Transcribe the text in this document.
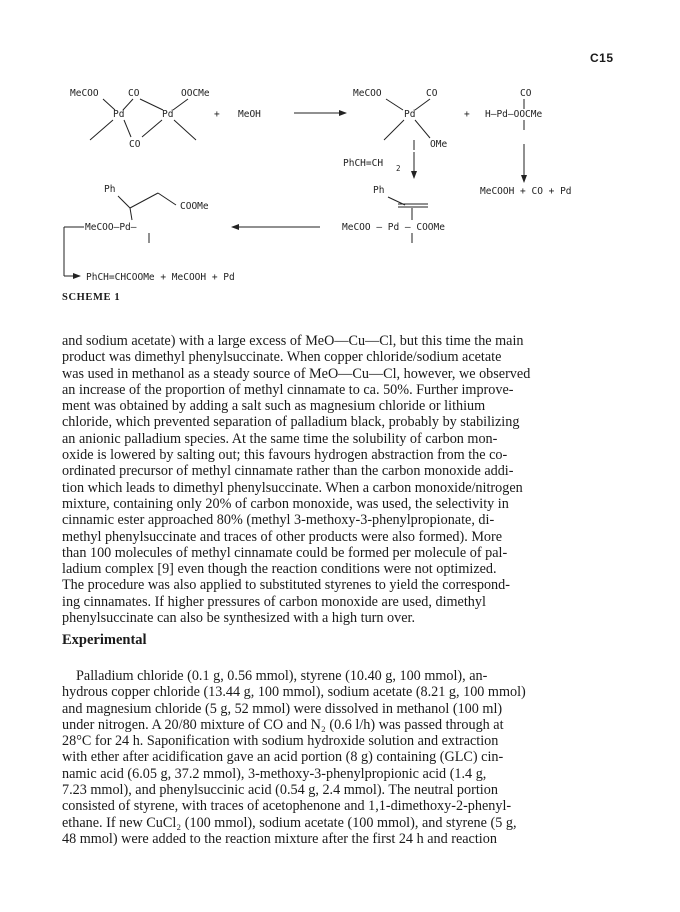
C15
MeCOO	CO	OOCMe
Pd	Pd
CO
+ MeOH
MeCOO	CO
Pd
OMe
+
CO
H—Pd—OOCMe
MeCOOH + CO + Pd
PhCH=CH 2
Ph
MeCOO — Pd — COOMe
Ph
COOMe
MeCOO—Pd—
PhCH=CHCOOMe + MeCOOH + Pd
SCHEME 1
and sodium acetate) with a large excess of MeO—Cu—Cl, but this time the main
product was dimethyl phenylsuccinate. When copper chloride/sodium acetate
was used in methanol as a steady source of MeO—Cu—Cl, however, we observed
an increase of the proportion of methyl cinnamate to ca. 50%. Further improve-
ment was obtained by adding a salt such as magnesium chloride or lithium
chloride, which prevented separation of palladium black, probably by stabilizing
an anionic palladium species. At the same time the solubility of carbon mon-
oxide is lowered by salting out; this favours hydrogen abstraction from the co-
ordinated precursor of methyl cinnamate rather than the carbon monoxide addi-
tion which leads to dimethyl phenylsuccinate. When a carbon monoxide/nitrogen
mixture, containing only 20% of carbon monoxide, was used, the selectivity in
cinnamic ester approached 80% (methyl 3-methoxy-3-phenylpropionate, di-
methyl phenylsuccinate and traces of other products were also formed). More
than 100 molecules of methyl cinnamate could be formed per molecule of pal-
ladium complex [9] even though the reaction conditions were not optimized.
The procedure was also applied to substituted styrenes to yield the correspond-
ing cinnamates. If higher pressures of carbon monoxide are used, dimethyl
phenylsuccinate can also be synthesized with a high turn over.
Experimental
Palladium chloride (0.1 g, 0.56 mmol), styrene (10.40 g, 100 mmol), an-
hydrous copper chloride (13.44 g, 100 mmol), sodium acetate (8.21 g, 100 mmol)
and magnesium chloride (5 g, 52 mmol) were dissolved in methanol (100 ml)
under nitrogen. A 20/80 mixture of CO and N₂ (0.6 l/h) was passed through at
28°C for 24 h. Saponification with sodium hydroxide solution and extraction
with ether after acidification gave an acid portion (8 g) containing (GLC) cin-
namic acid (6.05 g, 37.2 mmol), 3-methoxy-3-phenylpropionic acid (1.4 g,
7.23 mmol), and phenylsuccinic acid (0.54 g, 2.4 mmol). The neutral portion
consisted of styrene, with traces of acetophenone and 1,1-dimethoxy-2-phenyl-
ethane. If new CuCl₂ (100 mmol), sodium acetate (100 mmol), and styrene (5 g,
48 mmol) were added to the reaction mixture after the first 24 h and reaction
